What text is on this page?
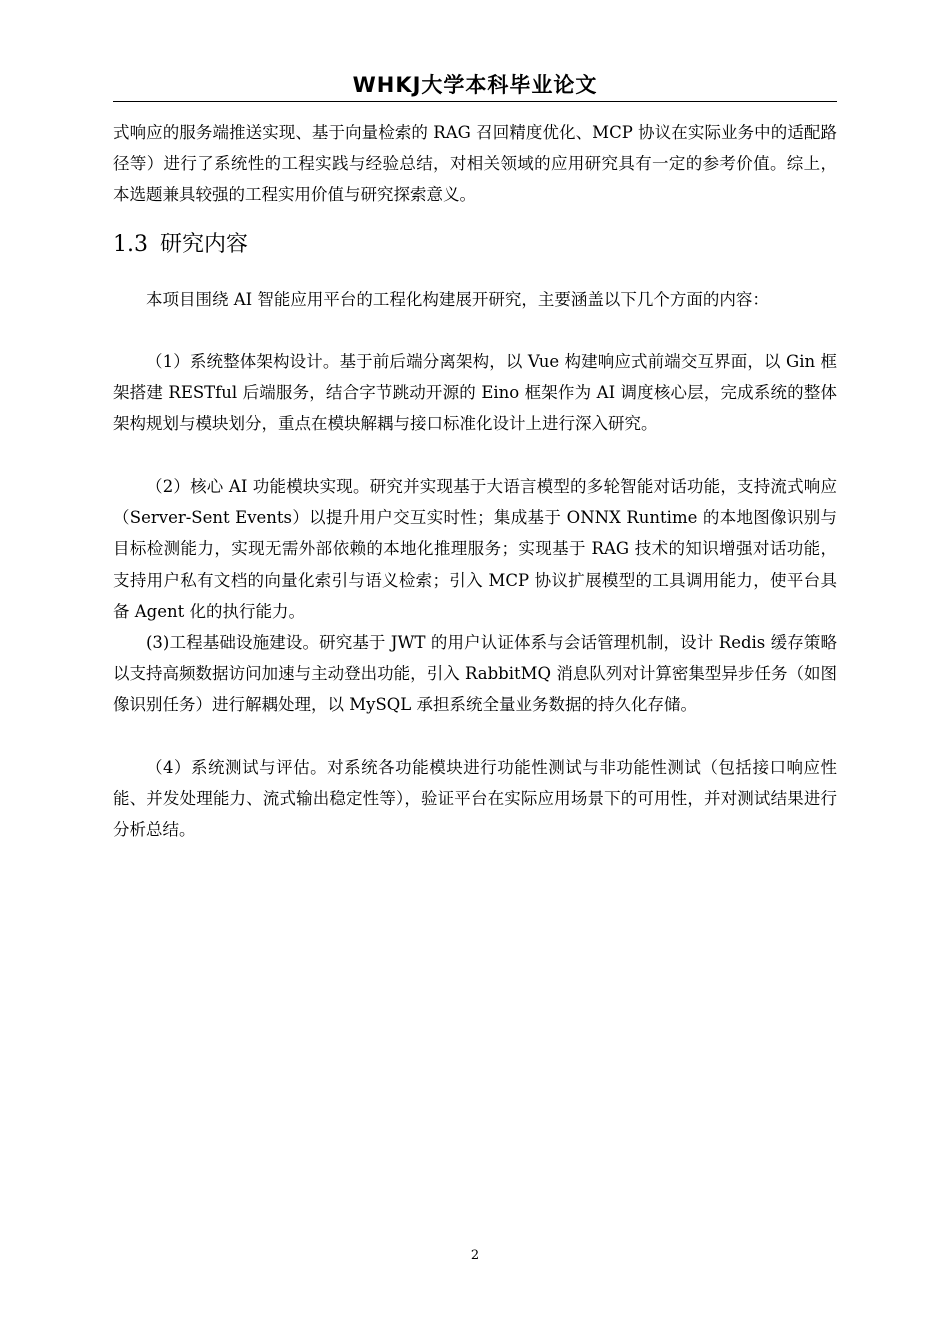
WHKJ大学本科毕业论文

式响应的服务端推送实现、基于向量检索的 RAG 召回精度优化、MCP 协议在实际业务中的适配路径等）进行了系统性的工程实践与经验总结，对相关领域的应用研究具有一定的参考价值。综上，本选题兼具较强的工程实用价值与研究探索意义。

1.3 研究内容

本项目围绕 AI 智能应用平台的工程化构建展开研究，主要涵盖以下几个方面的内容：

（1）系统整体架构设计。基于前后端分离架构，以 Vue 构建响应式前端交互界面，以 Gin 框架搭建 RESTful 后端服务，结合字节跳动开源的 Eino 框架作为 AI 调度核心层，完成系统的整体架构规划与模块划分，重点在模块解耦与接口标准化设计上进行深入研究。

（2）核心 AI 功能模块实现。研究并实现基于大语言模型的多轮智能对话功能，支持流式响应（Server-Sent Events）以提升用户交互实时性；集成基于 ONNX Runtime 的本地图像识别与目标检测能力，实现无需外部依赖的本地化推理服务；实现基于 RAG 技术的知识增强对话功能，支持用户私有文档的向量化索引与语义检索；引入 MCP 协议扩展模型的工具调用能力，使平台具备 Agent 化的执行能力。

(3)工程基础设施建设。研究基于 JWT 的用户认证体系与会话管理机制，设计 Redis 缓存策略以支持高频数据访问加速与主动登出功能，引入 RabbitMQ 消息队列对计算密集型异步任务（如图像识别任务）进行解耦处理，以 MySQL 承担系统全量业务数据的持久化存储。

（4）系统测试与评估。对系统各功能模块进行功能性测试与非功能性测试（包括接口响应性能、并发处理能力、流式输出稳定性等），验证平台在实际应用场景下的可用性，并对测试结果进行分析总结。

2
